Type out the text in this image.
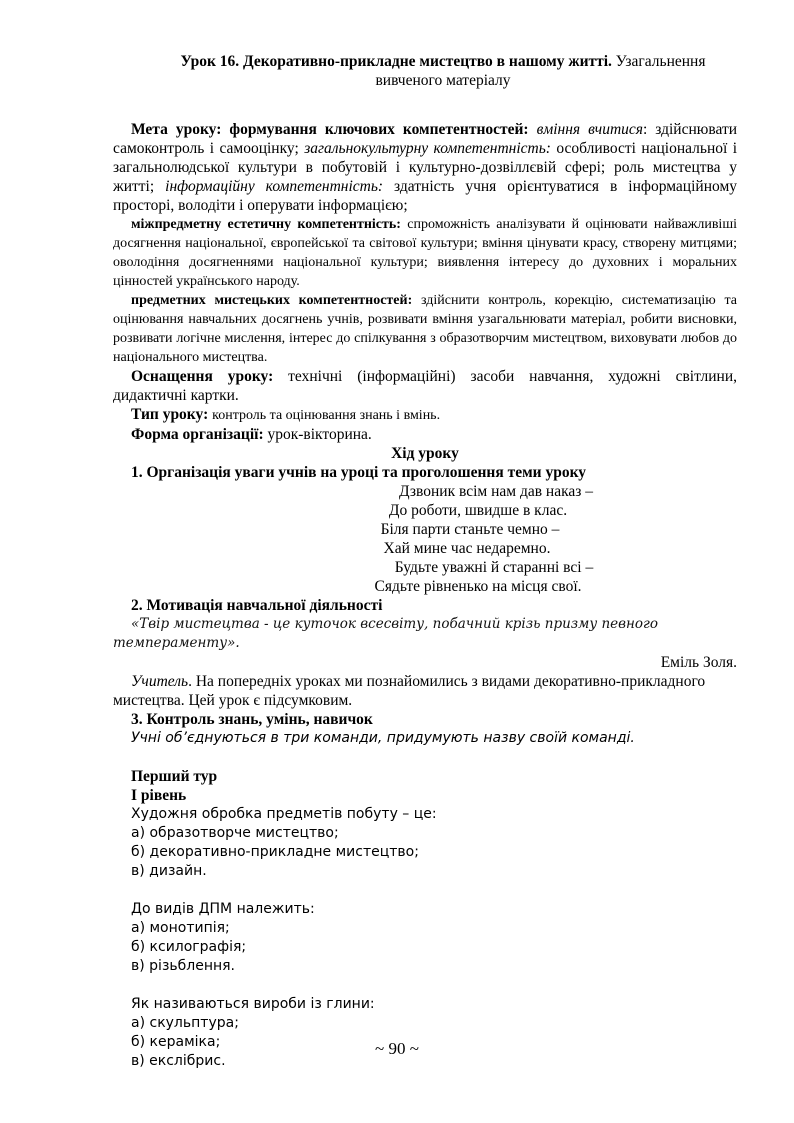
Урок 16. Декоративно-прикладне мистецтво в нашому житті. Узагальнення
вивченого матеріалу

Мета уроку: формування ключових компетентностей: вміння вчитися: здійснювати самоконтроль і самооцінку; загальнокультурну компетентність: особливості національної і загальнолюдської культури в побутовій і культурно-дозвіллєвій сфері; роль мистецтва у житті; інформаційну компетентність: здатність учня орієнтуватися в інформаційному просторі, володіти і оперувати інформацією;

міжпредметну естетичну компетентність: спроможність аналізувати й оцінювати найважливіші досягнення національної, європейської та світової культури; вміння цінувати красу, створену митцями; оволодіння досягненнями національної культури; виявлення інтересу до духовних і моральних цінностей українського народу.

предметних мистецьких компетентностей: здійснити контроль, корекцію, систематизацію та оцінювання навчальних досягнень учнів, розвивати вміння узагальнювати матеріал, робити висновки, розвивати логічне мислення, інтерес до спілкування з образотворчим мистецтвом, виховувати любов до національного мистецтва.

Оснащення уроку: технічні (інформаційні) засоби навчання, художні світлини, дидактичні картки.

Тип уроку: контроль та оцінювання знань і вмінь.

Форма організації: урок-вікторина.

Хід уроку

1. Організація уваги учнів на уроці та проголошення теми уроку

Дзвоник всім нам дав наказ –

До роботи, швидше в клас.

Біля парти станьте чемно –

Хай мине час недаремно.

Будьте уважні й старанні всі –

Сядьте рівненько на місця свої.

2. Мотивація навчальної діяльності

«Твір мистецтва - це куточок всесвіту, побачний крізь призму певного

темпераменту».

Еміль Золя.

Учитель. На попередніх уроках ми познайомились з видами декоративно-прикладного

мистецтва. Цей урок є підсумковим.

3. Контроль знань, умінь, навичок

Учні об’єднуються в три команди, придумують назву своїй команді.

Перший тур

І рівень

Художня обробка предметів побуту – це:

а) образотворче мистецтво;

б) декоративно-прикладне мистецтво;

в) дизайн.

До видів ДПМ належить:

а) монотипія;

б) ксилографія;

в) різьблення.

Як називаються вироби із глини:

а) скульптура;

б) кераміка;

в) екслібрис.

~ 90 ~
